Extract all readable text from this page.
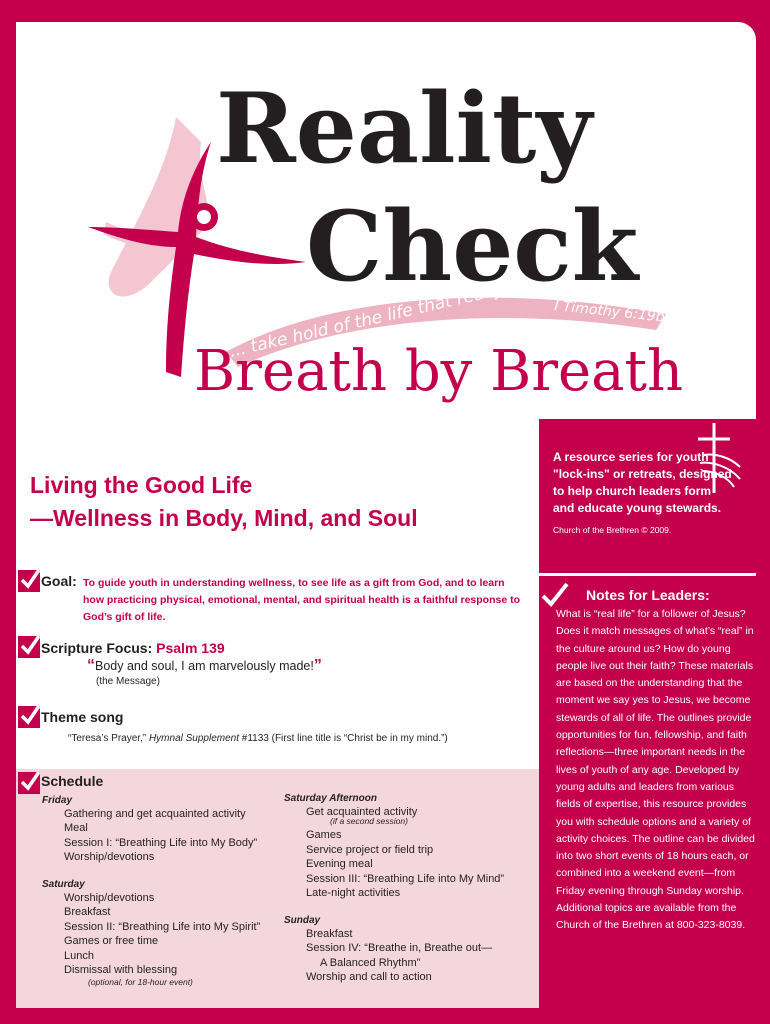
... take hold of the life that really is life.
I Timothy 6:19b
Reality
Check
Breath by Breath
Living the Good Life
—Wellness in Body, Mind, and Soul
Goal: To guide youth in understanding wellness, to see life as a gift from God, and to learn how practicing physical, emotional, mental, and spiritual health is a faithful response to God’s gift of life.
Scripture Focus: Psalm 139
“Body and soul, I am marvelously made!”
(the Message)
Theme song
“Teresa’s Prayer,” Hymnal Supplement #1133 (First line title is “Christ be in my mind.”)
Schedule
Friday
Gathering and get acquainted activity
Meal
Session I: “Breathing Life into My Body”
Worship/devotions
Saturday
Worship/devotions
Breakfast
Session II: “Breathing Life into My Spirit”
Games or free time
Lunch
Dismissal with blessing
(optional, for 18-hour event)
Saturday Afternoon
Get acquainted activity
(if a second session)
Games
Service project or field trip
Evening meal
Session III: “Breathing Life into My Mind”
Late-night activities
Sunday
Breakfast
Session IV: “Breathe in, Breathe out—
A Balanced Rhythm”
Worship and call to action
A resource series for youth "lock-ins" or retreats, designed to help church leaders form and educate young stewards.
Church of the Brethren © 2009.
Notes for Leaders:
What is “real life” for a follower of Jesus? Does it match messages of what’s “real” in the culture around us? How do young people live out their faith? These materials are based on the understanding that the moment we say yes to Jesus, we become stewards of all of life. The outlines provide opportunities for fun, fellowship, and faith reflections—three important needs in the lives of youth of any age. Developed by young adults and leaders from various fields of expertise, this resource provides you with schedule options and a variety of activity choices. The outline can be divided into two short events of 18 hours each, or combined into a weekend event—from Friday evening through Sunday worship. Additional topics are available from the Church of the Brethren at 800-323-8039.
